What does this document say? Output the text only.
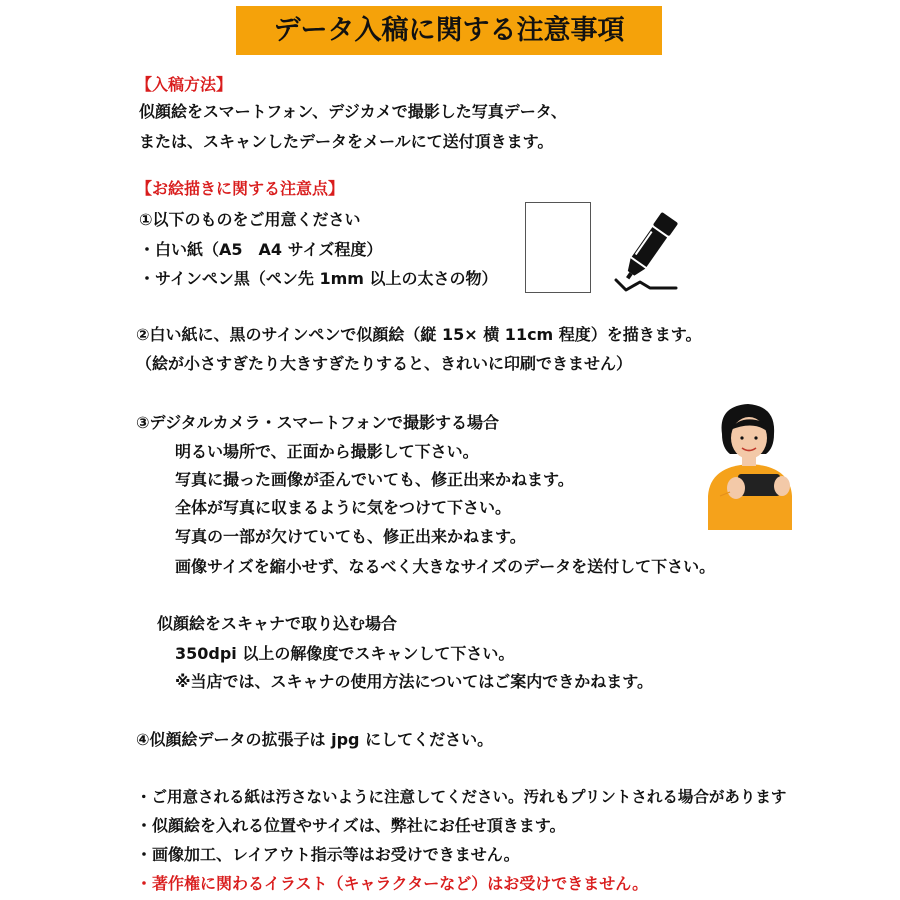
データ入稿に関する注意事項
【入稿方法】
似顔絵をスマートフォン、デジカメで撮影した写真データ、
または、スキャンしたデータをメールにて送付頂きます。
【お絵描きに関する注意点】
①以下のものをご用意ください
・白い紙（A5　A4 サイズ程度）
・サインペン黒（ペン先 1mm 以上の太さの物）
②白い紙に、黒のサインペンで似顔絵（縦 15× 横 11cm 程度）を描きます。
（絵が小さすぎたり大きすぎたりすると、きれいに印刷できません）
③デジタルカメラ・スマートフォンで撮影する場合
明るい場所で、正面から撮影して下さい。
写真に撮った画像が歪んでいても、修正出来かねます。
全体が写真に収まるように気をつけて下さい。
写真の一部が欠けていても、修正出来かねます。
画像サイズを縮小せず、なるべく大きなサイズのデータを送付して下さい。
似顔絵をスキャナで取り込む場合
350dpi 以上の解像度でスキャンして下さい。
※当店では、スキャナの使用方法についてはご案内できかねます。
④似顔絵データの拡張子は jpg にしてください。
・ご用意される紙は汚さないように注意してください。汚れもプリントされる場合があります
・似顔絵を入れる位置やサイズは、弊社にお任せ頂きます。
・画像加工、レイアウト指示等はお受けできません。
・著作権に関わるイラスト（キャラクターなど）はお受けできません。
